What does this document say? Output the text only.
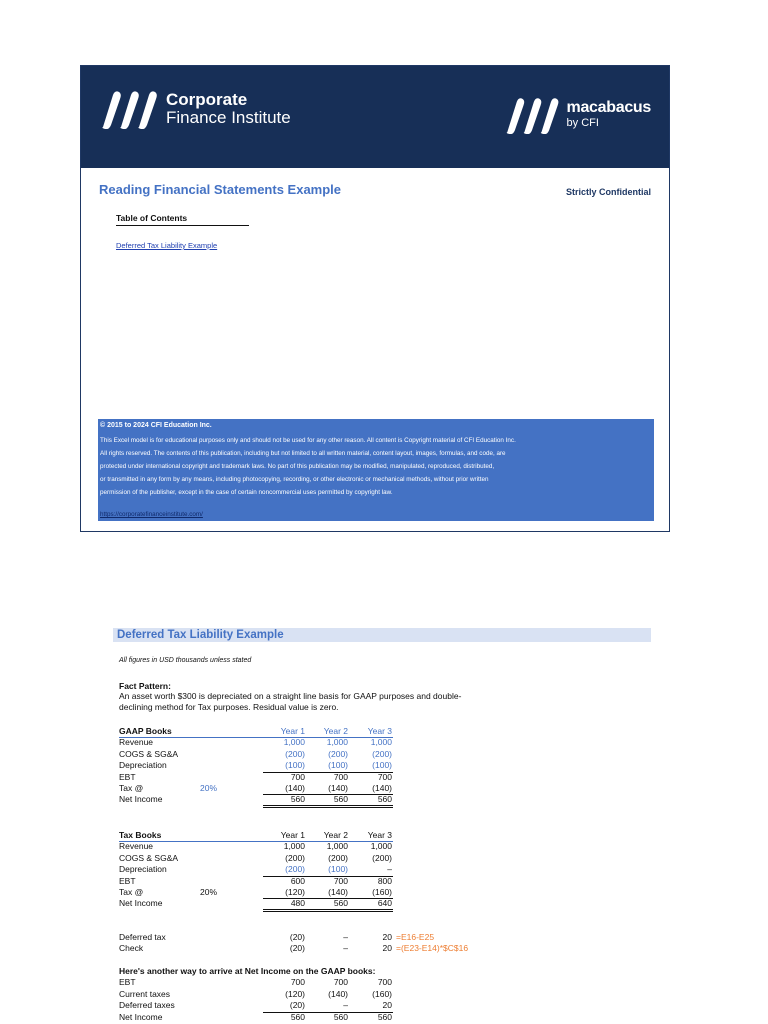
Corporate
Finance Institute
macabacus
by CFI
Reading Financial Statements Example	Strictly Confidential
Table of Contents
Deferred Tax Liability Example
© 2015 to 2024 CFI Education Inc.
This Excel model is for educational purposes only and should not be used for any other reason. All content is Copyright material of CFI Education Inc.
All rights reserved. The contents of this publication, including but not limited to all written material, content layout, images, formulas, and code, are
protected under international copyright and trademark laws. No part of this publication may be modified, manipulated, reproduced, distributed,
or transmitted in any form by any means, including photocopying, recording, or other electronic or mechanical methods, without prior written
permission of the publisher, except in the case of certain noncommercial uses permitted by copyright law.
https://corporatefinanceinstitute.com/
Deferred Tax Liability Example
All figures in USD thousands unless stated
Fact Pattern:
An asset worth $300 is depreciated on a straight line basis for GAAP purposes and double-declining method for Tax purposes. Residual value is zero.
GAAP Books	Year 1	Year 2	Year 3
Revenue	1,000	1,000	1,000
COGS & SG&A	(200)	(200)	(200)
Depreciation	(100)	(100)	(100)
EBT	700	700	700
Tax @	20%	(140)	(140)	(140)
Net Income	560	560	560
Tax Books	Year 1	Year 2	Year 3
Revenue	1,000	1,000	1,000
COGS & SG&A	(200)	(200)	(200)
Depreciation	(200)	(100)	–
EBT	600	700	800
Tax @	20%	(120)	(140)	(160)
Net Income	480	560	640
Deferred tax	(20)	–	20 =E16-E25
Check	(20)	–	20 =(E23-E14)*$C$16
Here's another way to arrive at Net Income on the GAAP books:
EBT	700	700	700
Current taxes	(120)	(140)	(160)
Deferred taxes	(20)	–	20
Net Income	560	560	560
